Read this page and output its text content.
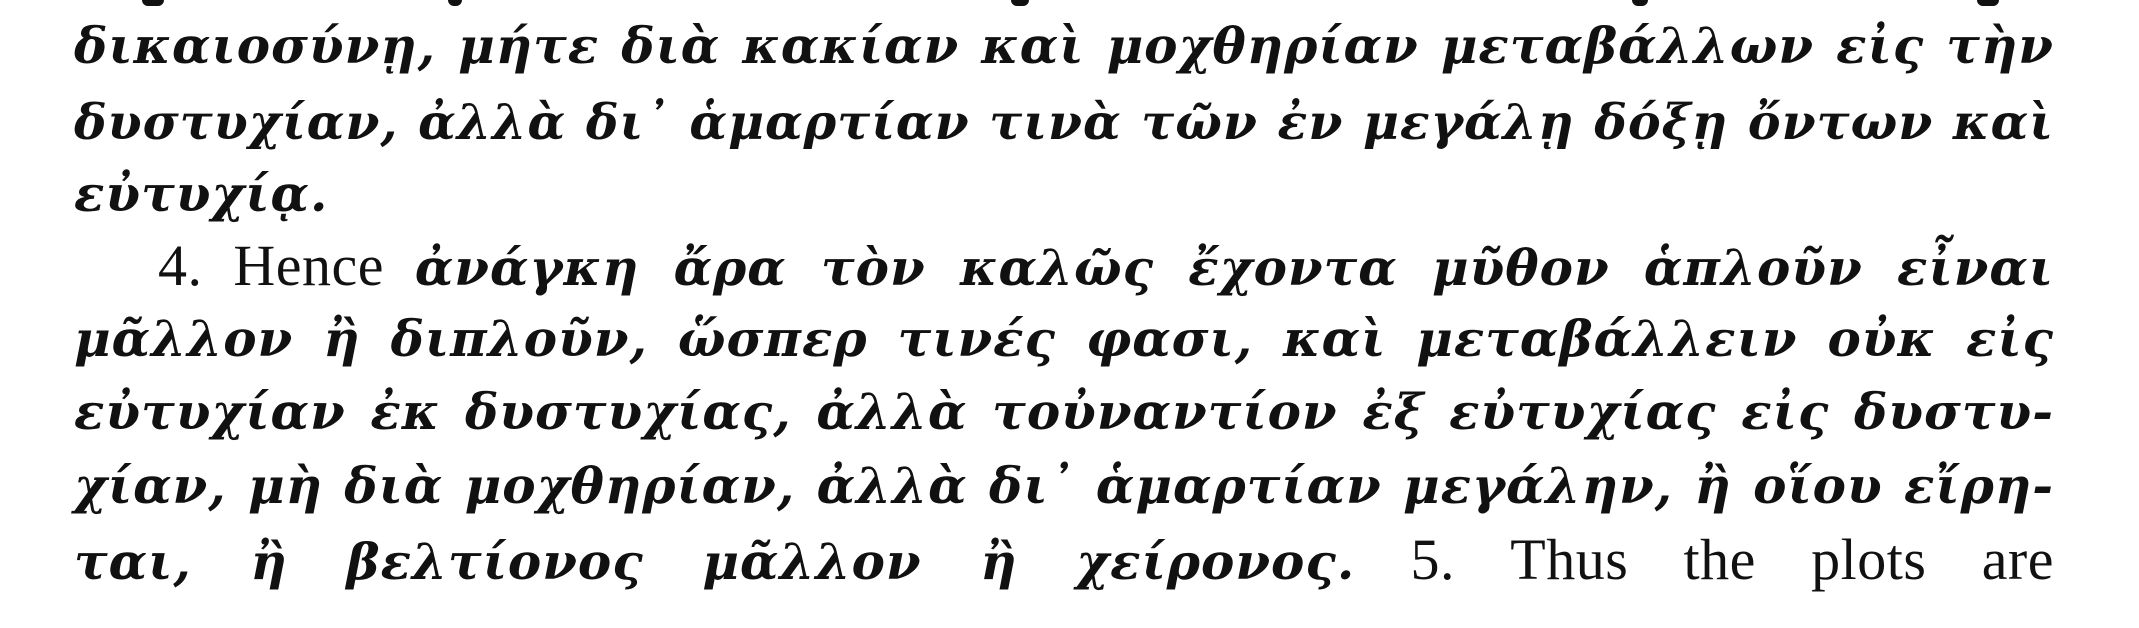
δικαιοσύνῃ, μήτε διὰ κακίαν καὶ μοχθηρίαν μεταβάλλων εἰς τὴν
δυστυχίαν, ἀλλὰ δι᾽ ἁμαρτίαν τινὰ τῶν ἐν μεγάλῃ δόξῃ ὄντων καὶ
εὐτυχίᾳ.
4. Hence ἀνάγκη ἄρα τὸν καλῶς ἔχοντα μῦθον ἁπλοῦν εἶναι
μᾶλλον ἢ διπλοῦν, ὥσπερ τινές φασι, καὶ μεταβάλλειν οὐκ εἰς
εὐτυχίαν ἐκ δυστυχίας, ἀλλὰ τοὐναντίον ἐξ εὐτυχίας εἰς δυστυ-
χίαν, μὴ διὰ μοχθηρίαν, ἀλλὰ δι᾽ ἁμαρτίαν μεγάλην, ἢ οἵου εἴρη-
ται, ἢ βελτίονος μᾶλλον ἢ χείρονος. 5. Thus the plots are
